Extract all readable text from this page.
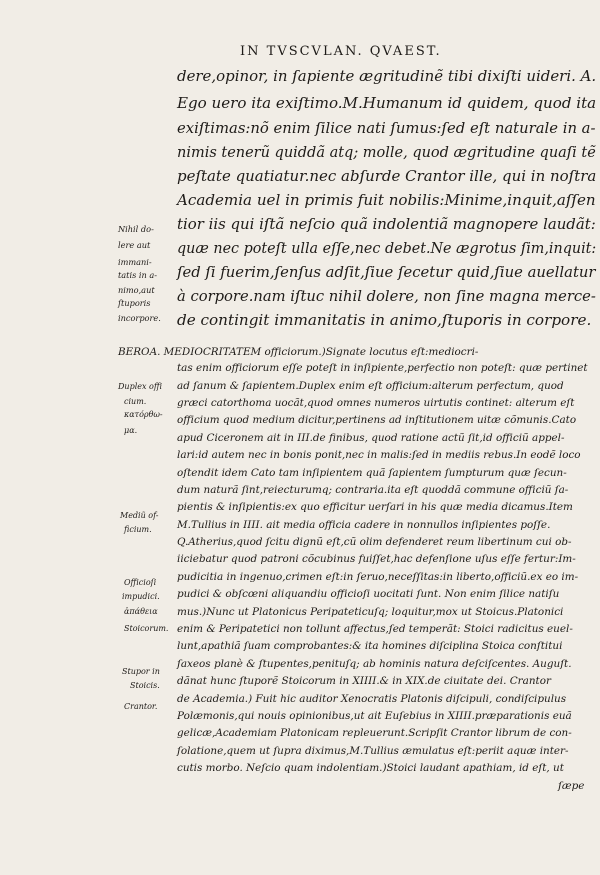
IN TVSCVLAN. QVAEST.
dere,opinor, in ſapiente ægritudinẽ tibi dixiſti uideri. A.
Ego uero ita exiſtimo.M.Humanum id quidem, quod ita
exiſtimas:nõ enim ſilice nati ſumus:ſed eſt naturale in a-
nimis tenerũ quiddã atq; molle, quod ægritudine quaſi tẽ
peſtate quatiatur.nec abſurde Crantor ille, qui in noſtra
Academia uel in primis fuit nobilis:Minime,inquit,aſſen
tior iis qui iſtã neſcio quã indolentiã magnopere laudãt:
quæ nec poteſt ulla eſſe,nec debet.Ne ægrotus ſim,inquit:
ſed ſi fuerim,ſenſus adſit,ſiue ſecetur quid,ſiue auellatur
à corpore.nam iſtuc nihil dolere, non ſine magna merce-
de contingit immanitatis in animo,ſtuporis in corpore.
Nihil do-
lere aut
immani-
tatis in a-
nimo,aut
ſtuporis
incorpore.
BEROA. MEDIOCRITATEM officiorum.)Signate locutus eſt:mediocri-
tas enim officiorum eſſe poteſt in inſipiente,perfectio non poteſt: quæ pertinet
ad ſanum & ſapientem.Duplex enim eſt officium:alterum perfectum, quod
græci catorthoma uocãt,quod omnes numeros uirtutis continet: alterum eſt
officium quod medium dicitur,pertinens ad inſtitutionem uitæ cõmunis.Cato
apud Ciceronem ait in III.de finibus, quod ratione actũ ſit,id officiũ appel-
lari:id autem nec in bonis ponit,nec in malis:ſed in mediis rebus.In eodẽ loco
oſtendit idem Cato tam inſipientem quã ſapientem ſumpturum quæ ſecun-
dum naturã ſint,reiecturumq; contraria.ita eſt quoddã commune officiũ ſa-
pientis & inſipientis:ex quo efficitur uerſari in his quæ media dicamus.Item
M.Tullius in IIII. ait media officia cadere in nonnullos inſipientes poſſe.
Q.Atherius,quod ſcitu dignũ eſt,cũ olim defenderet reum libertinum cui ob-
iiciebatur quod patroni cõcubinus fuiſſet,hac defenſione uſus eſſe fertur:Im-
pudicitia in ingenuo,crimen eſt:in ſeruo,neceſſitas:in liberto,officiũ.ex eo im-
pudici & obſcœni aliquandiu officioſi uocitati ſunt. Non enim ſilice natiſu
mus.)Nunc ut Platonicus Peripateticuſq; loquitur,mox ut Stoicus.Platonici
enim & Peripatetici non tollunt affectus,ſed temperãt: Stoici radicitus euel-
lunt,apathiã ſuam comprobantes:& ita homines diſciplina Stoica conſtitui
ſaxeos planè & ſtupentes,penituſq; ab hominis natura deſciſcentes. Auguſt.
dãnat hunc ſtuporẽ Stoicorum in XIIII.& in XIX.de ciuitate dei. Crantor
de Academia.) Fuit hic auditor Xenocratis Platonis diſcipuli, condiſcipulus
Polæmonis,qui nouis opinionibus,ut ait Euſebius in XIIII.præparationis euã
gelicæ,Academiam Platonicam repleuerunt.Scripſit Crantor librum de con-
ſolatione,quem ut ſupra diximus,M.Tullius æmulatus eſt:periit aquæ inter-
cutis morbo. Neſcio quam indolentiam.)Stoici laudant apathiam, id eſt, ut
ſæpe
Duplex offi
cium.
κατόρθω-
μα.
Mediũ of-
ficium.
Officioſi
impudici.
ἀπάθεια
Stoicorum.
Stupor in
Stoicis.
Crantor.
